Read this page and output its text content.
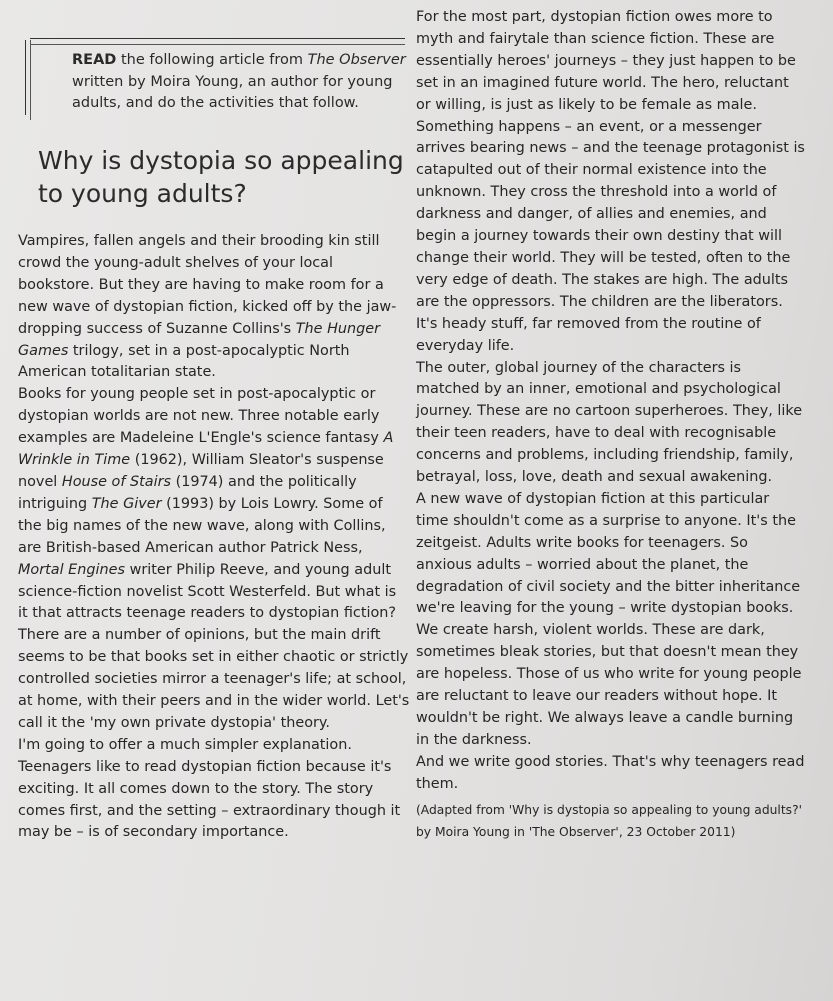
READ the following article from The Observer written by Moira Young, an author for young adults, and do the activities that follow.
Why is dystopia so appealing to young adults?

Vampires, fallen angels and their brooding kin still crowd the young-adult shelves of your local bookstore. But they are having to make room for a new wave of dystopian fiction, kicked off by the jaw-dropping success of Suzanne Collins's The Hunger Games trilogy, set in a post-apocalyptic North American totalitarian state.

Books for young people set in post-apocalyptic or dystopian worlds are not new. Three notable early examples are Madeleine L'Engle's science fantasy A Wrinkle in Time (1962), William Sleator's suspense novel House of Stairs (1974) and the politically intriguing The Giver (1993) by Lois Lowry. Some of the big names of the new wave, along with Collins, are British-based American author Patrick Ness, Mortal Engines writer Philip Reeve, and young adult science-fiction novelist Scott Westerfeld. But what is it that attracts teenage readers to dystopian fiction?

There are a number of opinions, but the main drift seems to be that books set in either chaotic or strictly controlled societies mirror a teenager's life; at school, at home, with their peers and in the wider world. Let's call it the 'my own private dystopia' theory.

I'm going to offer a much simpler explanation. Teenagers like to read dystopian fiction because it's exciting. It all comes down to the story. The story comes first, and the setting – extraordinary though it may be – is of secondary importance.

For the most part, dystopian fiction owes more to myth and fairytale than science fiction. These are essentially heroes' journeys – they just happen to be set in an imagined future world. The hero, reluctant or willing, is just as likely to be female as male. Something happens – an event, or a messenger arrives bearing news – and the teenage protagonist is catapulted out of their normal existence into the unknown. They cross the threshold into a world of darkness and danger, of allies and enemies, and begin a journey towards their own destiny that will change their world. They will be tested, often to the very edge of death. The stakes are high. The adults are the oppressors. The children are the liberators. It's heady stuff, far removed from the routine of everyday life.

The outer, global journey of the characters is matched by an inner, emotional and psychological journey. These are no cartoon superheroes. They, like their teen readers, have to deal with recognisable concerns and problems, including friendship, family, betrayal, loss, love, death and sexual awakening.

A new wave of dystopian fiction at this particular time shouldn't come as a surprise to anyone. It's the zeitgeist. Adults write books for teenagers. So anxious adults – worried about the planet, the degradation of civil society and the bitter inheritance we're leaving for the young – write dystopian books.

We create harsh, violent worlds. These are dark, sometimes bleak stories, but that doesn't mean they are hopeless. Those of us who write for young people are reluctant to leave our readers without hope. It wouldn't be right. We always leave a candle burning in the darkness.

And we write good stories. That's why teenagers read them.

(Adapted from 'Why is dystopia so appealing to young adults?' by Moira Young in 'The Observer', 23 October 2011)
